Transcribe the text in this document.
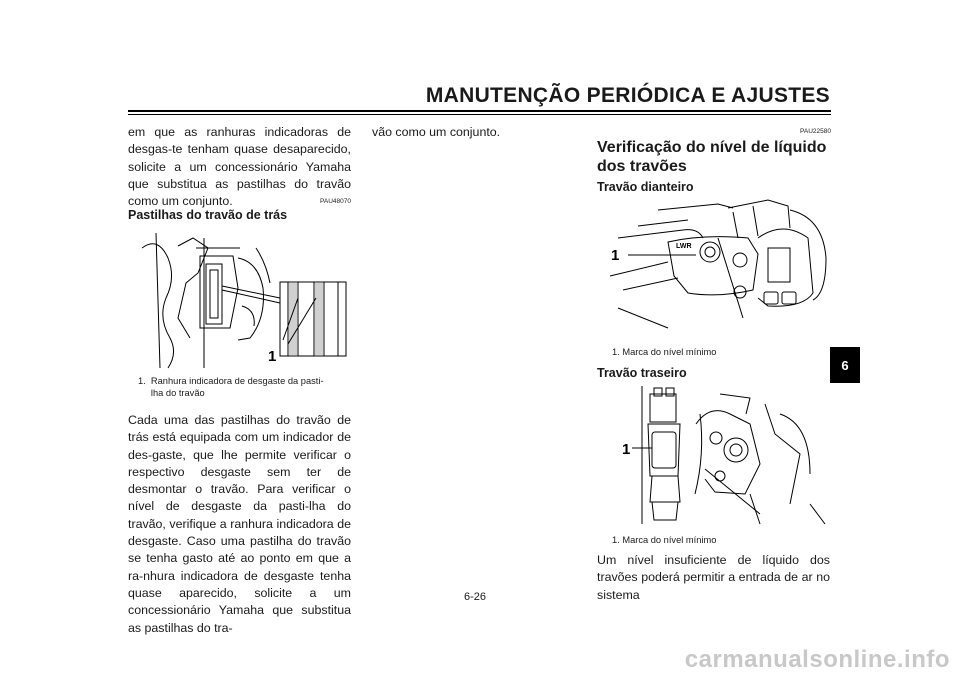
MANUTENÇÃO PERIÓDICA E AJUSTES
em que as ranhuras indicadoras de desgas-te tenham quase desaparecido, solicite a um concessionário Yamaha que substitua as pastilhas do travão como um conjunto.	PAU48070
Pastilhas do travão de trás
1
1.  Ranhura indicadora de desgaste da pasti-
lha do travão
Cada uma das pastilhas do travão de trás está equipada com um indicador de des-gaste, que lhe permite verificar o respectivo desgaste sem ter de desmontar o travão. Para verificar o nível de desgaste da pasti-lha do travão, verifique a ranhura indicadora de desgaste. Caso uma pastilha do travão se tenha gasto até ao ponto em que a ra-nhura indicadora de desgaste tenha quase aparecido, solicite a um concessionário Yamaha que substitua as pastilhas do tra-
vão como um conjunto.	PAU22580
Verificação do nível de líquido
dos travões
Travão dianteiro
LWR
1
1. Marca do nível mínimo
Travão traseiro
1
1. Marca do nível mínimo
Um nível insuficiente de líquido dos travões poderá permitir a entrada de ar no sistema
6
6-26
carmanualsonline.info
